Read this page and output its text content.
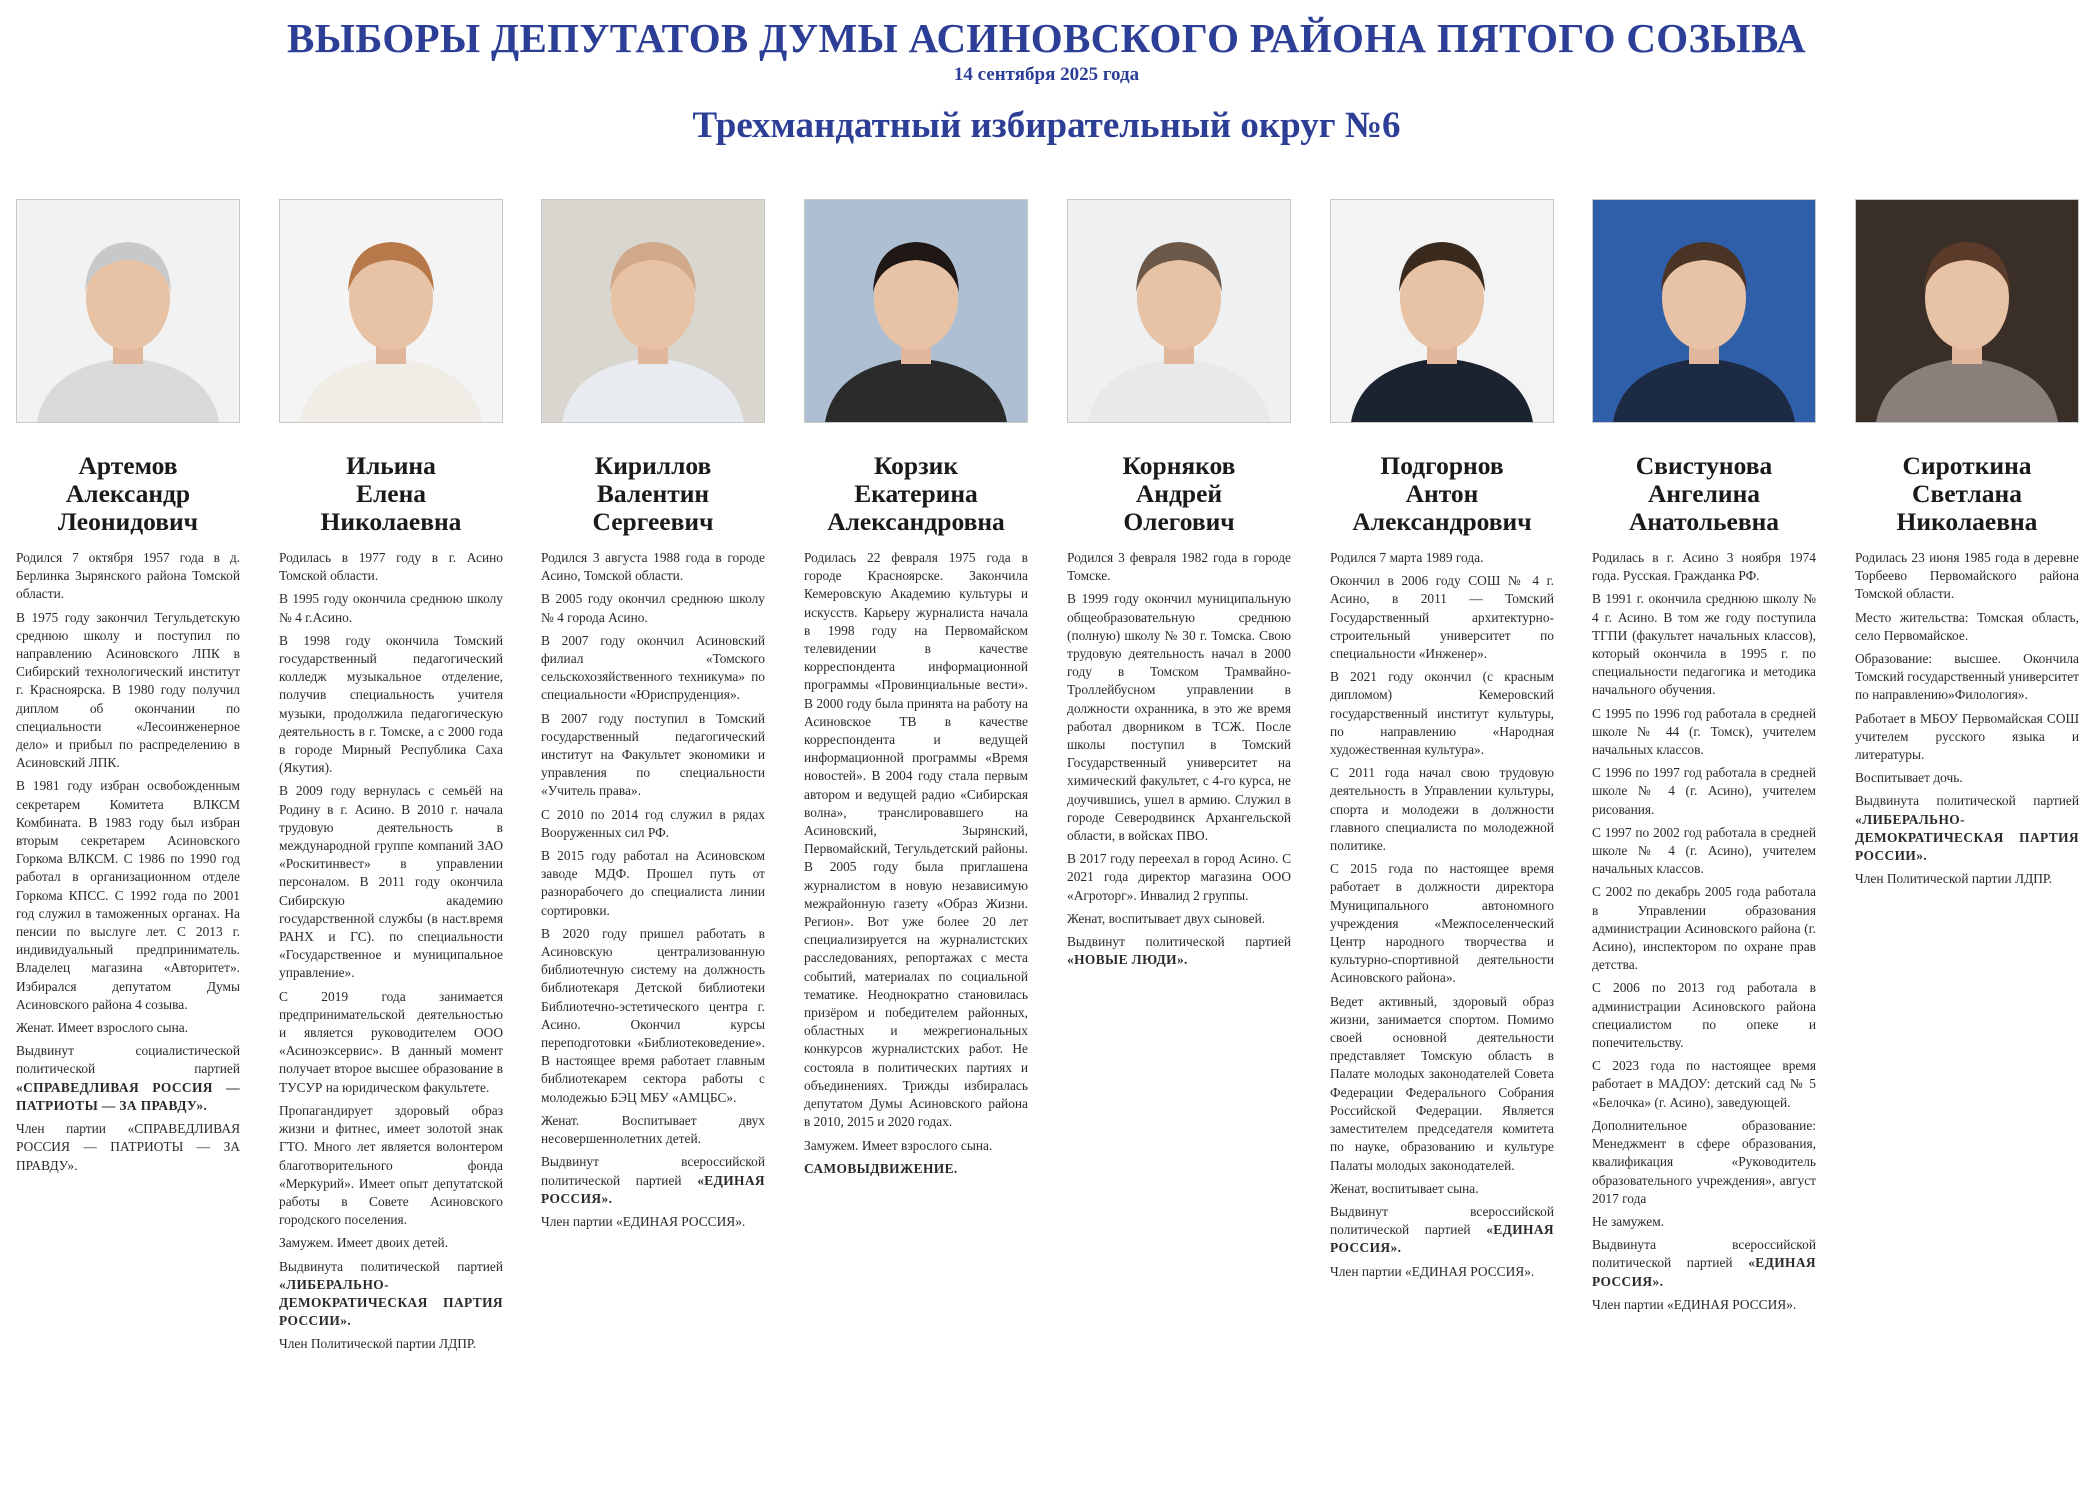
ВЫБОРЫ ДЕПУТАТОВ ДУМЫ АСИНОВСКОГО РАЙОНА ПЯТОГО СОЗЫВА
14 сентября 2025 года
Трехмандатный избирательный округ №6
Артемов
Александр
Леонидович

Родился 7 октября 1957 года в д. Берлинка Зырянского района Томской области.

В 1975 году закончил Тегульдетскую среднюю школу и поступил по направлению Асиновского ЛПК в Сибирский технологический институт г. Красноярска. В 1980 году получил диплом об окончании по специальности «Лесоинженерное дело» и прибыл по распределению в Асиновский ЛПК.

В 1981 году избран освобожденным секретарем Комитета ВЛКСМ Комбината. В 1983 году был избран вторым секретарем Асиновского Горкома ВЛКСМ. С 1986 по 1990 год работал в организационном отделе Горкома КПСС. С 1992 года по 2001 год служил в таможенных органах. На пенсии по выслуге лет. С 2013 г. индивидуальный предприниматель. Владелец магазина «Авторитет». Избирался депутатом Думы Асиновского района 4 созыва.

Женат. Имеет взрослого сына.

Выдвинут социалистической политической партией «СПРАВЕДЛИВАЯ РОССИЯ — ПАТРИОТЫ — ЗА ПРАВДУ».

Член партии «СПРАВЕДЛИВАЯ РОССИЯ — ПАТРИОТЫ — ЗА ПРАВДУ».

Ильина
Елена
Николаевна

Родилась в 1977 году в г. Асино Томской области.

В 1995 году окончила среднюю школу № 4 г.Асино.

В 1998 году окончила Томский государственный педагогический колледж музыкальное отделение, получив специальность учителя музыки, продолжила педагогическую деятельность в г. Томске, а с 2000 года в городе Мирный Республика Саха (Якутия).

В 2009 году вернулась с семьёй на Родину в г. Асино. В 2010 г. начала трудовую деятельность в международной группе компаний ЗАО «Роскитинвест» в управлении персоналом. В 2011 году окончила Сибирскую академию государственной службы (в наст.время РАНХ и ГС). по специальности «Государственное и муниципальное управление».

С 2019 года занимается предпринимательской деятельностью и является руководителем ООО «Асиноэксервис». В данный момент получает второе высшее образование в ТУСУР на юридическом факультете.

Пропагандирует здоровый образ жизни и фитнес, имеет золотой знак ГТО. Много лет является волонтером благотворительного фонда «Меркурий». Имеет опыт депутатской работы в Совете Асиновского городского поселения.

Замужем. Имеет двоих детей.

Выдвинута политической партией «ЛИБЕРАЛЬНО-ДЕМОКРАТИЧЕСКАЯ ПАРТИЯ РОССИИ».

Член Политической партии ЛДПР.

Кириллов
Валентин
Сергеевич

Родился 3 августа 1988 года в городе Асино, Томской области.

В 2005 году окончил среднюю школу № 4 города Асино.

В 2007 году окончил Асиновский филиал «Томского сельскохозяйственного техникума» по специальности «Юриспруденция».

В 2007 году поступил в Томский государственный педагогический институт на Факультет экономики и управления по специальности «Учитель права».

С 2010 по 2014 год служил в рядах Вооруженных сил РФ.

В 2015 году работал на Асиновском заводе МДФ. Прошел путь от разнорабочего до специалиста линии сортировки.

В 2020 году пришел работать в Асиновскую централизованную библиотечную систему на должность библиотекаря Детской библиотеки Библиотечно-эстетического центра г. Асино. Окончил курсы переподготовки «Библиотековедение». В настоящее время работает главным библиотекарем сектора работы с молодежью БЭЦ МБУ «АМЦБС».

Женат. Воспитывает двух несовершеннолетних детей.

Выдвинут всероссийской политической партией «ЕДИНАЯ РОССИЯ».

Член партии «ЕДИНАЯ РОССИЯ».

Корзик
Екатерина
Александровна

Родилась 22 февраля 1975 года в городе Красноярске. Закончила Кемеровскую Академию культуры и искусств. Карьеру журналиста начала в 1998 году на Первомайском телевидении в качестве корреспондента информационной программы «Провинциальные вести». В 2000 году была принята на работу на Асиновское ТВ в качестве корреспондента и ведущей информационной программы «Время новостей». В 2004 году стала первым автором и ведущей радио «Сибирская волна», транслировавшего на Асиновский, Зырянский, Первомайский, Тегульдетский районы. В 2005 году была приглашена журналистом в новую независимую межрайонную газету «Образ Жизни. Регион». Вот уже более 20 лет специализируется на журналистских расследованиях, репортажах с места событий, материалах по социальной тематике. Неоднократно становилась призёром и победителем районных, областных и межрегиональных конкурсов журналистских работ. Не состояла в политических партиях и объединениях. Трижды избиралась депутатом Думы Асиновского района в 2010, 2015 и 2020 годах.

Замужем. Имеет взрослого сына.

САМОВЫДВИЖЕНИЕ.

Корняков
Андрей
Олегович

Родился 3 февраля 1982 года в городе Томске.

В 1999 году окончил муниципальную общеобразовательную среднюю (полную) школу № 30 г. Томска. Свою трудовую деятельность начал в 2000 году в Томском Трамвайно-Троллейбусном управлении в должности охранника, в это же время работал дворником в ТСЖ. После школы поступил в Томский Государственный университет на химический факультет, с 4-го курса, не доучившись, ушел в армию. Служил в городе Северодвинск Архангельской области, в войсках ПВО.

В 2017 году переехал в город Асино. С 2021 года директор магазина ООО «Агроторг». Инвалид 2 группы.

Женат, воспитывает двух сыновей.

Выдвинут политической партией «НОВЫЕ ЛЮДИ».

Подгорнов
Антон
Александрович

Родился 7 марта 1989 года.

Окончил в 2006 году СОШ № 4 г. Асино, в 2011 — Томский Государственный архитектурно-строительный университет по специальности «Инженер».

В 2021 году окончил (с красным дипломом) Кемеровский государственный институт культуры, по направлению «Народная художественная культура».

С 2011 года начал свою трудовую деятельность в Управлении культуры, спорта и молодежи в должности главного специалиста по молодежной политике.

С 2015 года по настоящее время работает в должности директора Муниципального автономного учреждения «Межпоселенческий Центр народного творчества и культурно-спортивной деятельности Асиновского района».

Ведет активный, здоровый образ жизни, занимается спортом. Помимо своей основной деятельности представляет Томскую область в Палате молодых законодателей Совета Федерации Федерального Собрания Российской Федерации. Является заместителем председателя комитета по науке, образованию и культуре Палаты молодых законодателей.

Женат, воспитывает сына.

Выдвинут всероссийской политической партией «ЕДИНАЯ РОССИЯ».

Член партии «ЕДИНАЯ РОССИЯ».

Свистунова
Ангелина
Анатольевна

Родилась в г. Асино 3 ноября 1974 года. Русская. Гражданка РФ.

В 1991 г. окончила среднюю школу № 4 г. Асино. В том же году поступила ТГПИ (факультет начальных классов), который окончила в 1995 г. по специальности педагогика и методика начального обучения.

С 1995 по 1996 год работала в средней школе № 44 (г. Томск), учителем начальных классов.

С 1996 по 1997 год работала в средней школе № 4 (г. Асино), учителем рисования.

С 1997 по 2002 год работала в средней школе № 4 (г. Асино), учителем начальных классов.

С 2002 по декабрь 2005 года работала в Управлении образования администрации Асиновского района (г. Асино), инспектором по охране прав детства.

С 2006 по 2013 год работала в администрации Асиновского района специалистом по опеке и попечительству.

С 2023 года по настоящее время работает в МАДОУ: детский сад № 5 «Белочка» (г. Асино), заведующей.

Дополнительное образование: Менеджмент в сфере образования, квалификация «Руководитель образовательного учреждения», август 2017 года

Не замужем.

Выдвинута всероссийской политической партией «ЕДИНАЯ РОССИЯ».

Член партии «ЕДИНАЯ РОССИЯ».

Сироткина
Светлана
Николаевна

Родилась 23 июня 1985 года в деревне Торбеево Первомайского района Томской области.

Место жительства: Томская область, село Первомайское.

Образование: высшее. Окончила Томский государственный университет по направлению»Филология».

Работает в МБОУ Первомайская СОШ учителем русского языка и литературы.

Воспитывает дочь.

Выдвинута политической партией «ЛИБЕРАЛЬНО-ДЕМОКРАТИЧЕСКАЯ ПАРТИЯ РОССИИ».

Член Политической партии ЛДПР.
